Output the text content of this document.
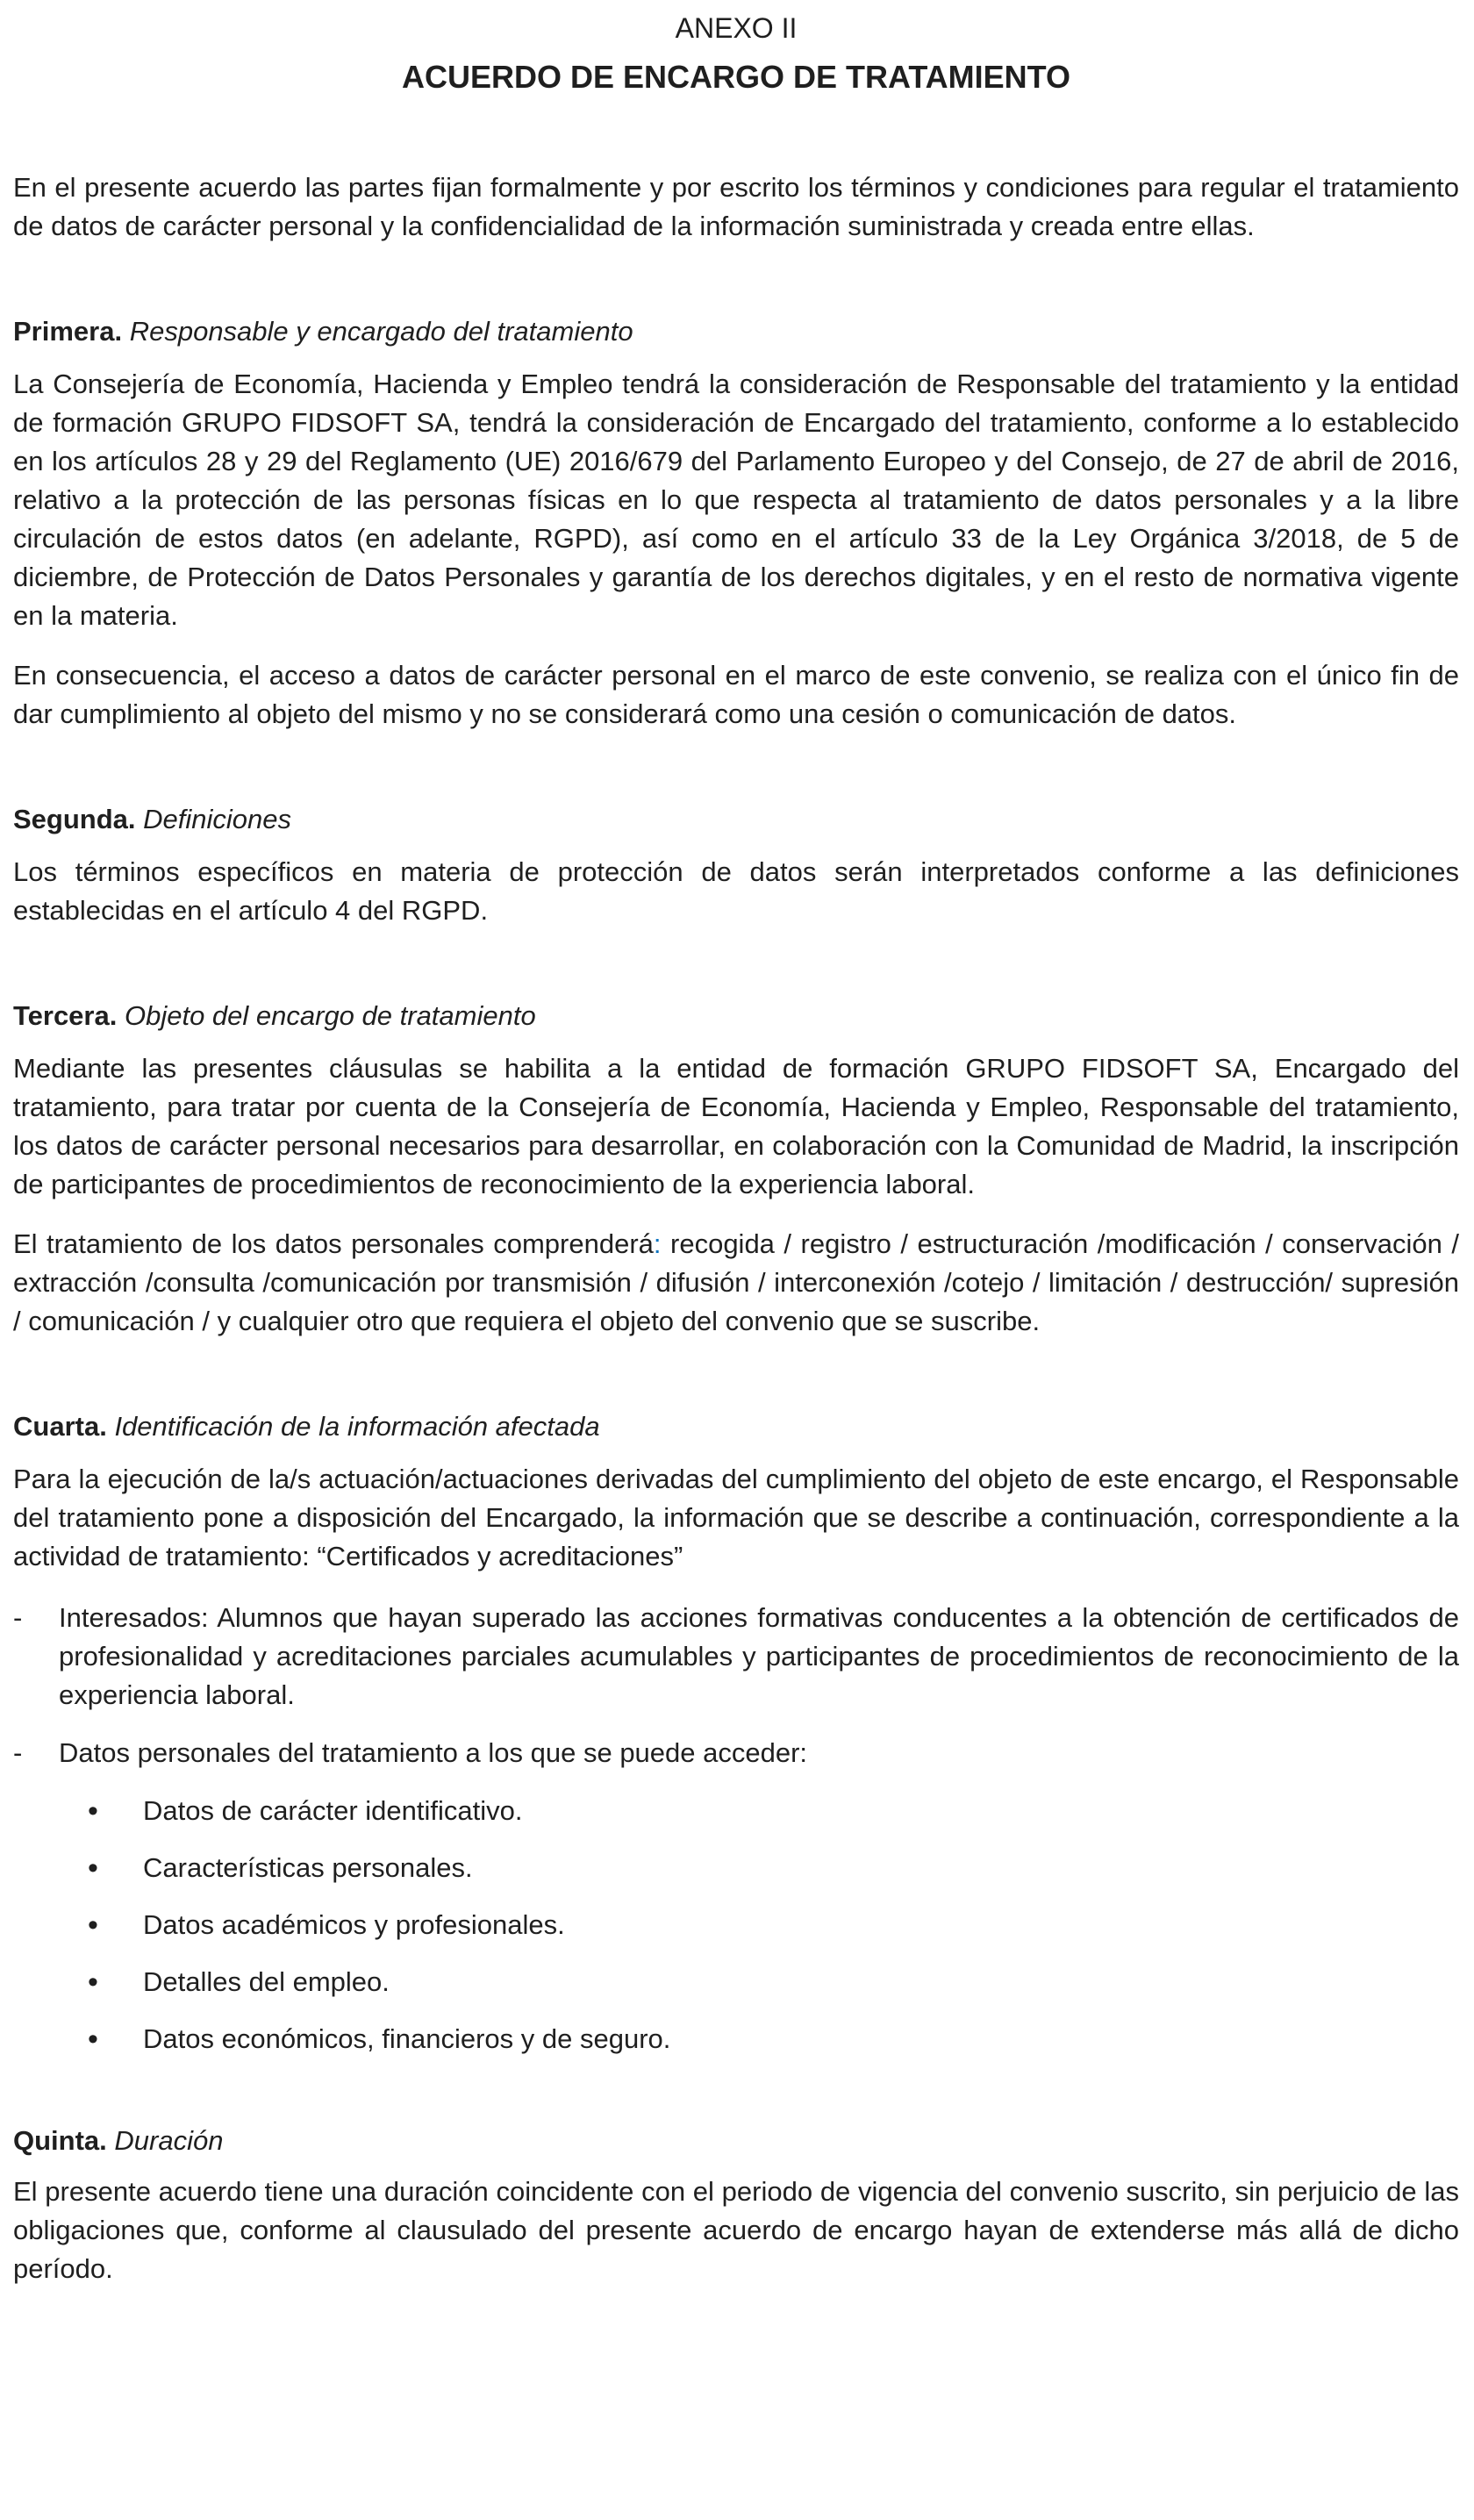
ANEXO II
ACUERDO DE ENCARGO DE TRATAMIENTO

En el presente acuerdo las partes fijan formalmente y por escrito los términos y condiciones para regular el tratamiento de datos de carácter personal y la confidencialidad de la información suministrada y creada entre ellas.

Primera. Responsable y encargado del tratamiento

La Consejería de Economía, Hacienda y Empleo tendrá la consideración de Responsable del tratamiento y la entidad de formación GRUPO FIDSOFT SA, tendrá la consideración de Encargado del tratamiento, conforme a lo establecido en los artículos 28 y 29 del Reglamento (UE) 2016/679 del Parlamento Europeo y del Consejo, de 27 de abril de 2016, relativo a la protección de las personas físicas en lo que respecta al tratamiento de datos personales y a la libre circulación de estos datos (en adelante, RGPD), así como en el artículo 33 de la Ley Orgánica 3/2018, de 5 de diciembre, de Protección de Datos Personales y garantía de los derechos digitales, y en el resto de normativa vigente en la materia.

En consecuencia, el acceso a datos de carácter personal en el marco de este convenio, se realiza con el único fin de dar cumplimiento al objeto del mismo y no se considerará como una cesión o comunicación de datos.

Segunda. Definiciones

Los términos específicos en materia de protección de datos serán interpretados conforme a las definiciones establecidas en el artículo 4 del RGPD.

Tercera. Objeto del encargo de tratamiento

Mediante las presentes cláusulas se habilita a la entidad de formación GRUPO FIDSOFT SA, Encargado del tratamiento, para tratar por cuenta de la Consejería de Economía, Hacienda y Empleo, Responsable del tratamiento, los datos de carácter personal necesarios para desarrollar, en colaboración con la Comunidad de Madrid, la inscripción de participantes de procedimientos de reconocimiento de la experiencia laboral.

El tratamiento de los datos personales comprenderá: recogida / registro / estructuración /modificación / conservación / extracción /consulta /comunicación por transmisión / difusión / interconexión /cotejo / limitación / destrucción/ supresión / comunicación / y cualquier otro que requiera el objeto del convenio que se suscribe.

Cuarta. Identificación de la información afectada

Para la ejecución de la/s actuación/actuaciones derivadas del cumplimiento del objeto de este encargo, el Responsable del tratamiento pone a disposición del Encargado, la información que se describe a continuación, correspondiente a la actividad de tratamiento: “Certificados y acreditaciones”

- Interesados: Alumnos que hayan superado las acciones formativas conducentes a la obtención de certificados de profesionalidad y acreditaciones parciales acumulables y participantes de procedimientos de reconocimiento de la experiencia laboral.
- Datos personales del tratamiento a los que se puede acceder:
• Datos de carácter identificativo.
• Características personales.
• Datos académicos y profesionales.
• Detalles del empleo.
• Datos económicos, financieros y de seguro.
Quinta. Duración

El presente acuerdo tiene una duración coincidente con el periodo de vigencia del convenio suscrito, sin perjuicio de las obligaciones que, conforme al clausulado del presente acuerdo de encargo hayan de extenderse más allá de dicho período.
